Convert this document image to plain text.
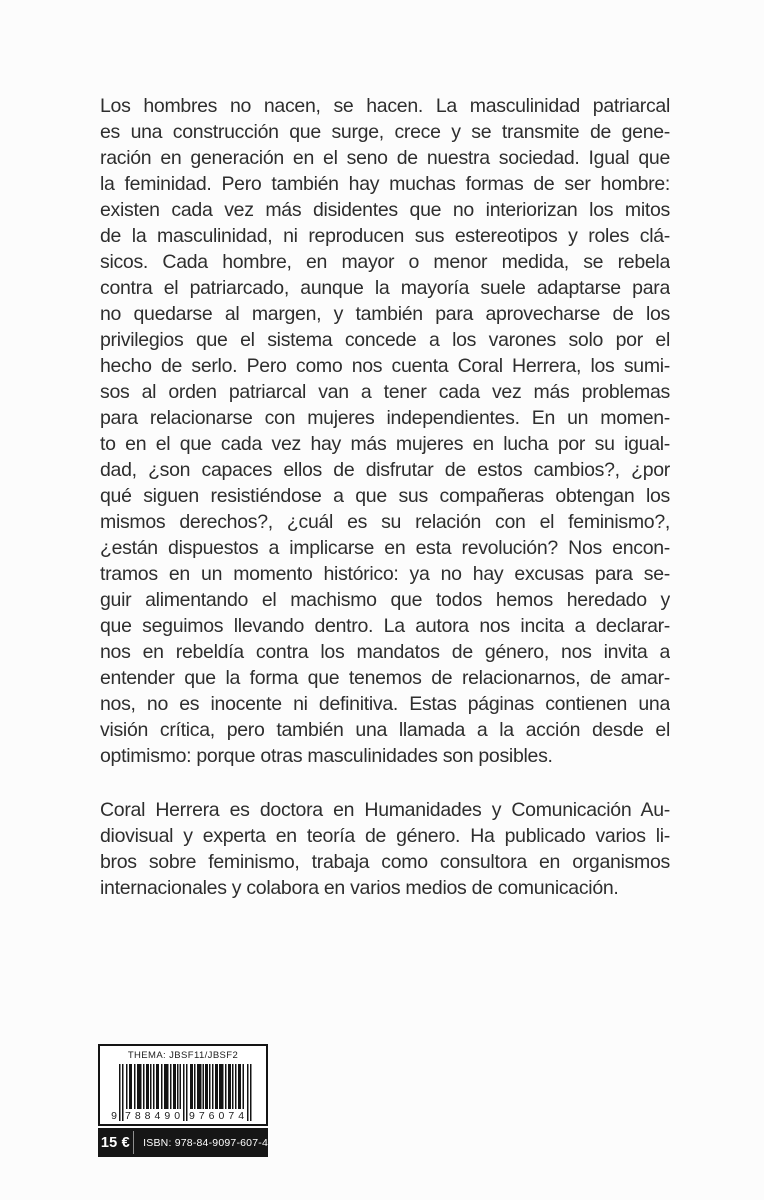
Los hombres no nacen, se hacen. La masculinidad patriarcal
es una construcción que surge, crece y se transmite de gene-
ración en generación en el seno de nuestra sociedad. Igual que
la feminidad. Pero también hay muchas formas de ser hombre:
existen cada vez más disidentes que no interiorizan los mitos
de la masculinidad, ni reproducen sus estereotipos y roles clá-
sicos. Cada hombre, en mayor o menor medida, se rebela
contra el patriarcado, aunque la mayoría suele adaptarse para
no quedarse al margen, y también para aprovecharse de los
privilegios que el sistema concede a los varones solo por el
hecho de serlo. Pero como nos cuenta Coral Herrera, los sumi-
sos al orden patriarcal van a tener cada vez más problemas
para relacionarse con mujeres independientes. En un momen-
to en el que cada vez hay más mujeres en lucha por su igual-
dad, ¿son capaces ellos de disfrutar de estos cambios?, ¿por
qué siguen resistiéndose a que sus compañeras obtengan los
mismos derechos?, ¿cuál es su relación con el feminismo?,
¿están dispuestos a implicarse en esta revolución? Nos encon-
tramos en un momento histórico: ya no hay excusas para se-
guir alimentando el machismo que todos hemos heredado y
que seguimos llevando dentro. La autora nos incita a declarar-
nos en rebeldía contra los mandatos de género, nos invita a
entender que la forma que tenemos de relacionarnos, de amar-
nos, no es inocente ni definitiva. Estas páginas contienen una
visión crítica, pero también una llamada a la acción desde el
optimismo: porque otras masculinidades son posibles.
Coral Herrera es doctora en Humanidades y Comunicación Au-
diovisual y experta en teoría de género. Ha publicado varios li-
bros sobre feminismo, trabaja como consultora en organismos
internacionales y colabora en varios medios de comunicación.
THEMA: JBSF11/JBSF2
9 788490 976074
15 €	ISBN: 978-84-9097-607-4
